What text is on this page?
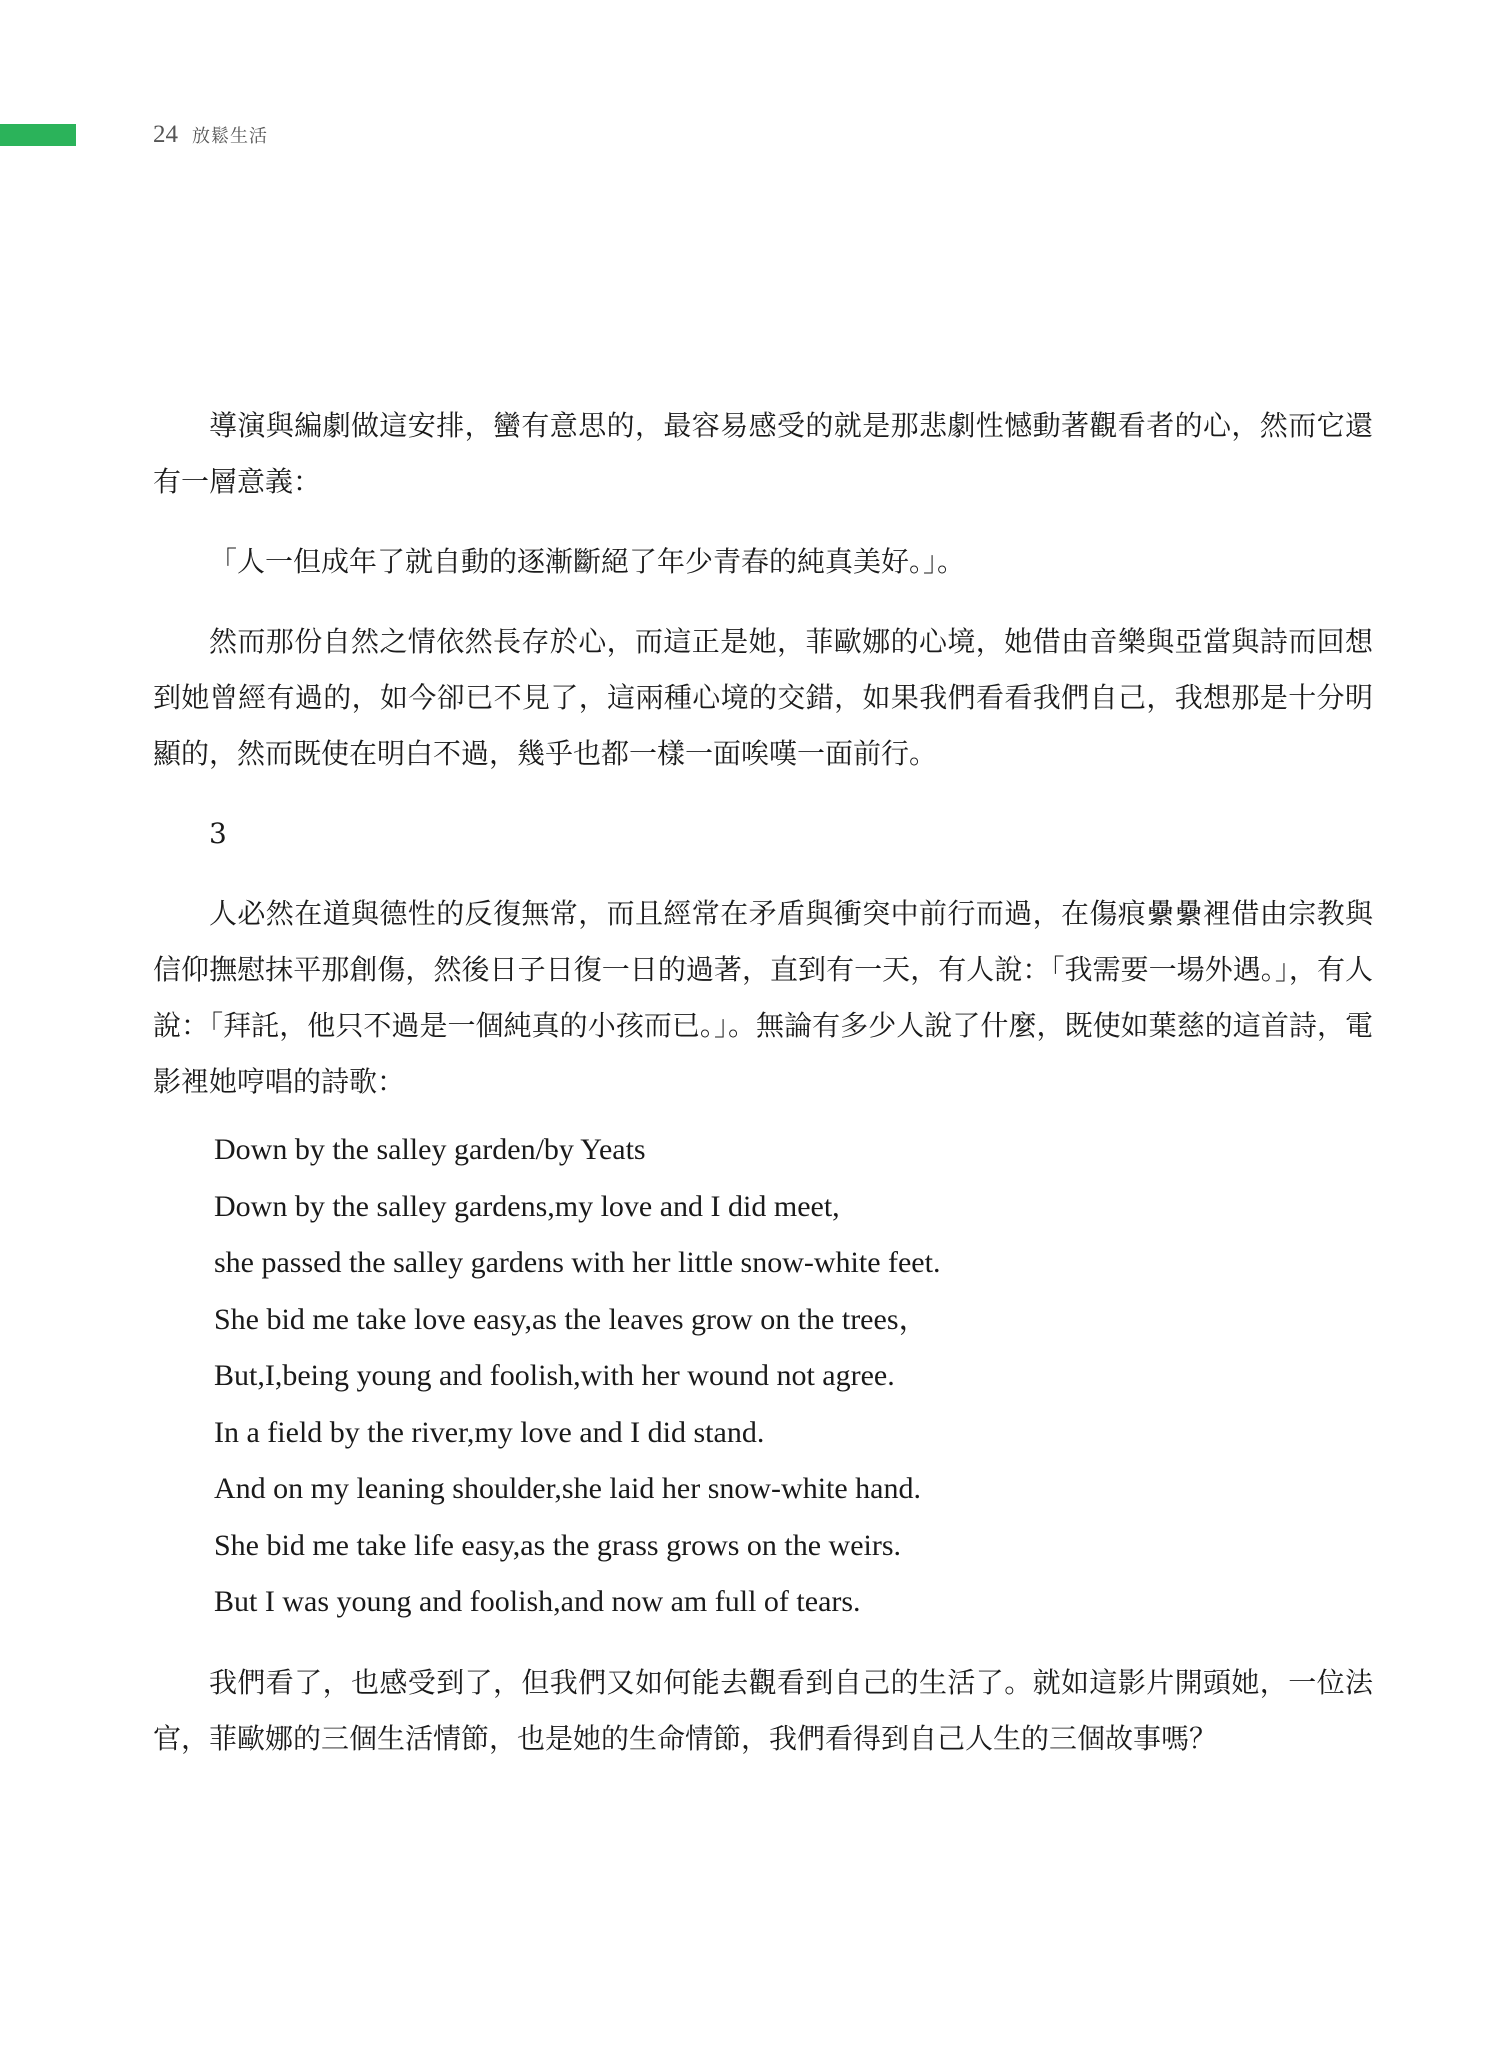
24 放鬆生活

導演與編劇做這安排，蠻有意思的，最容易感受的就是那悲劇性憾動著觀看者的心，然而它還有一層意義：

「人一但成年了就自動的逐漸斷絕了年少青春的純真美好。」。

然而那份自然之情依然長存於心，而這正是她，菲歐娜的心境，她借由音樂與亞當與詩而回想到她曾經有過的，如今卻已不見了，這兩種心境的交錯，如果我們看看我們自己，我想那是十分明顯的，然而既使在明白不過，幾乎也都一樣一面唉嘆一面前行。

3

人必然在道與德性的反復無常，而且經常在矛盾與衝突中前行而過，在傷痕纍纍裡借由宗教與信仰撫慰抹平那創傷，然後日子日復一日的過著，直到有一天，有人說：「我需要一場外遇。」，有人說：「拜託，他只不過是一個純真的小孩而已。」。無論有多少人說了什麼，既使如葉慈的這首詩，電影裡她哼唱的詩歌：

Down by the salley garden/by Yeats
Down by the salley gardens,my love and I did meet,
she passed the salley gardens with her little snow-white feet.
She bid me take love easy,as the leaves grow on the trees，
But,I,being young and foolish,with her wound not agree.
In a field by the river,my love and I did stand.
And on my leaning shoulder,she laid her snow-white hand.
She bid me take life easy,as the grass grows on the weirs.
But I was young and foolish,and now am full of tears.

我們看了，也感受到了，但我們又如何能去觀看到自己的生活了。就如這影片開頭她，一位法官，菲歐娜的三個生活情節，也是她的生命情節，我們看得到自己人生的三個故事嗎？
